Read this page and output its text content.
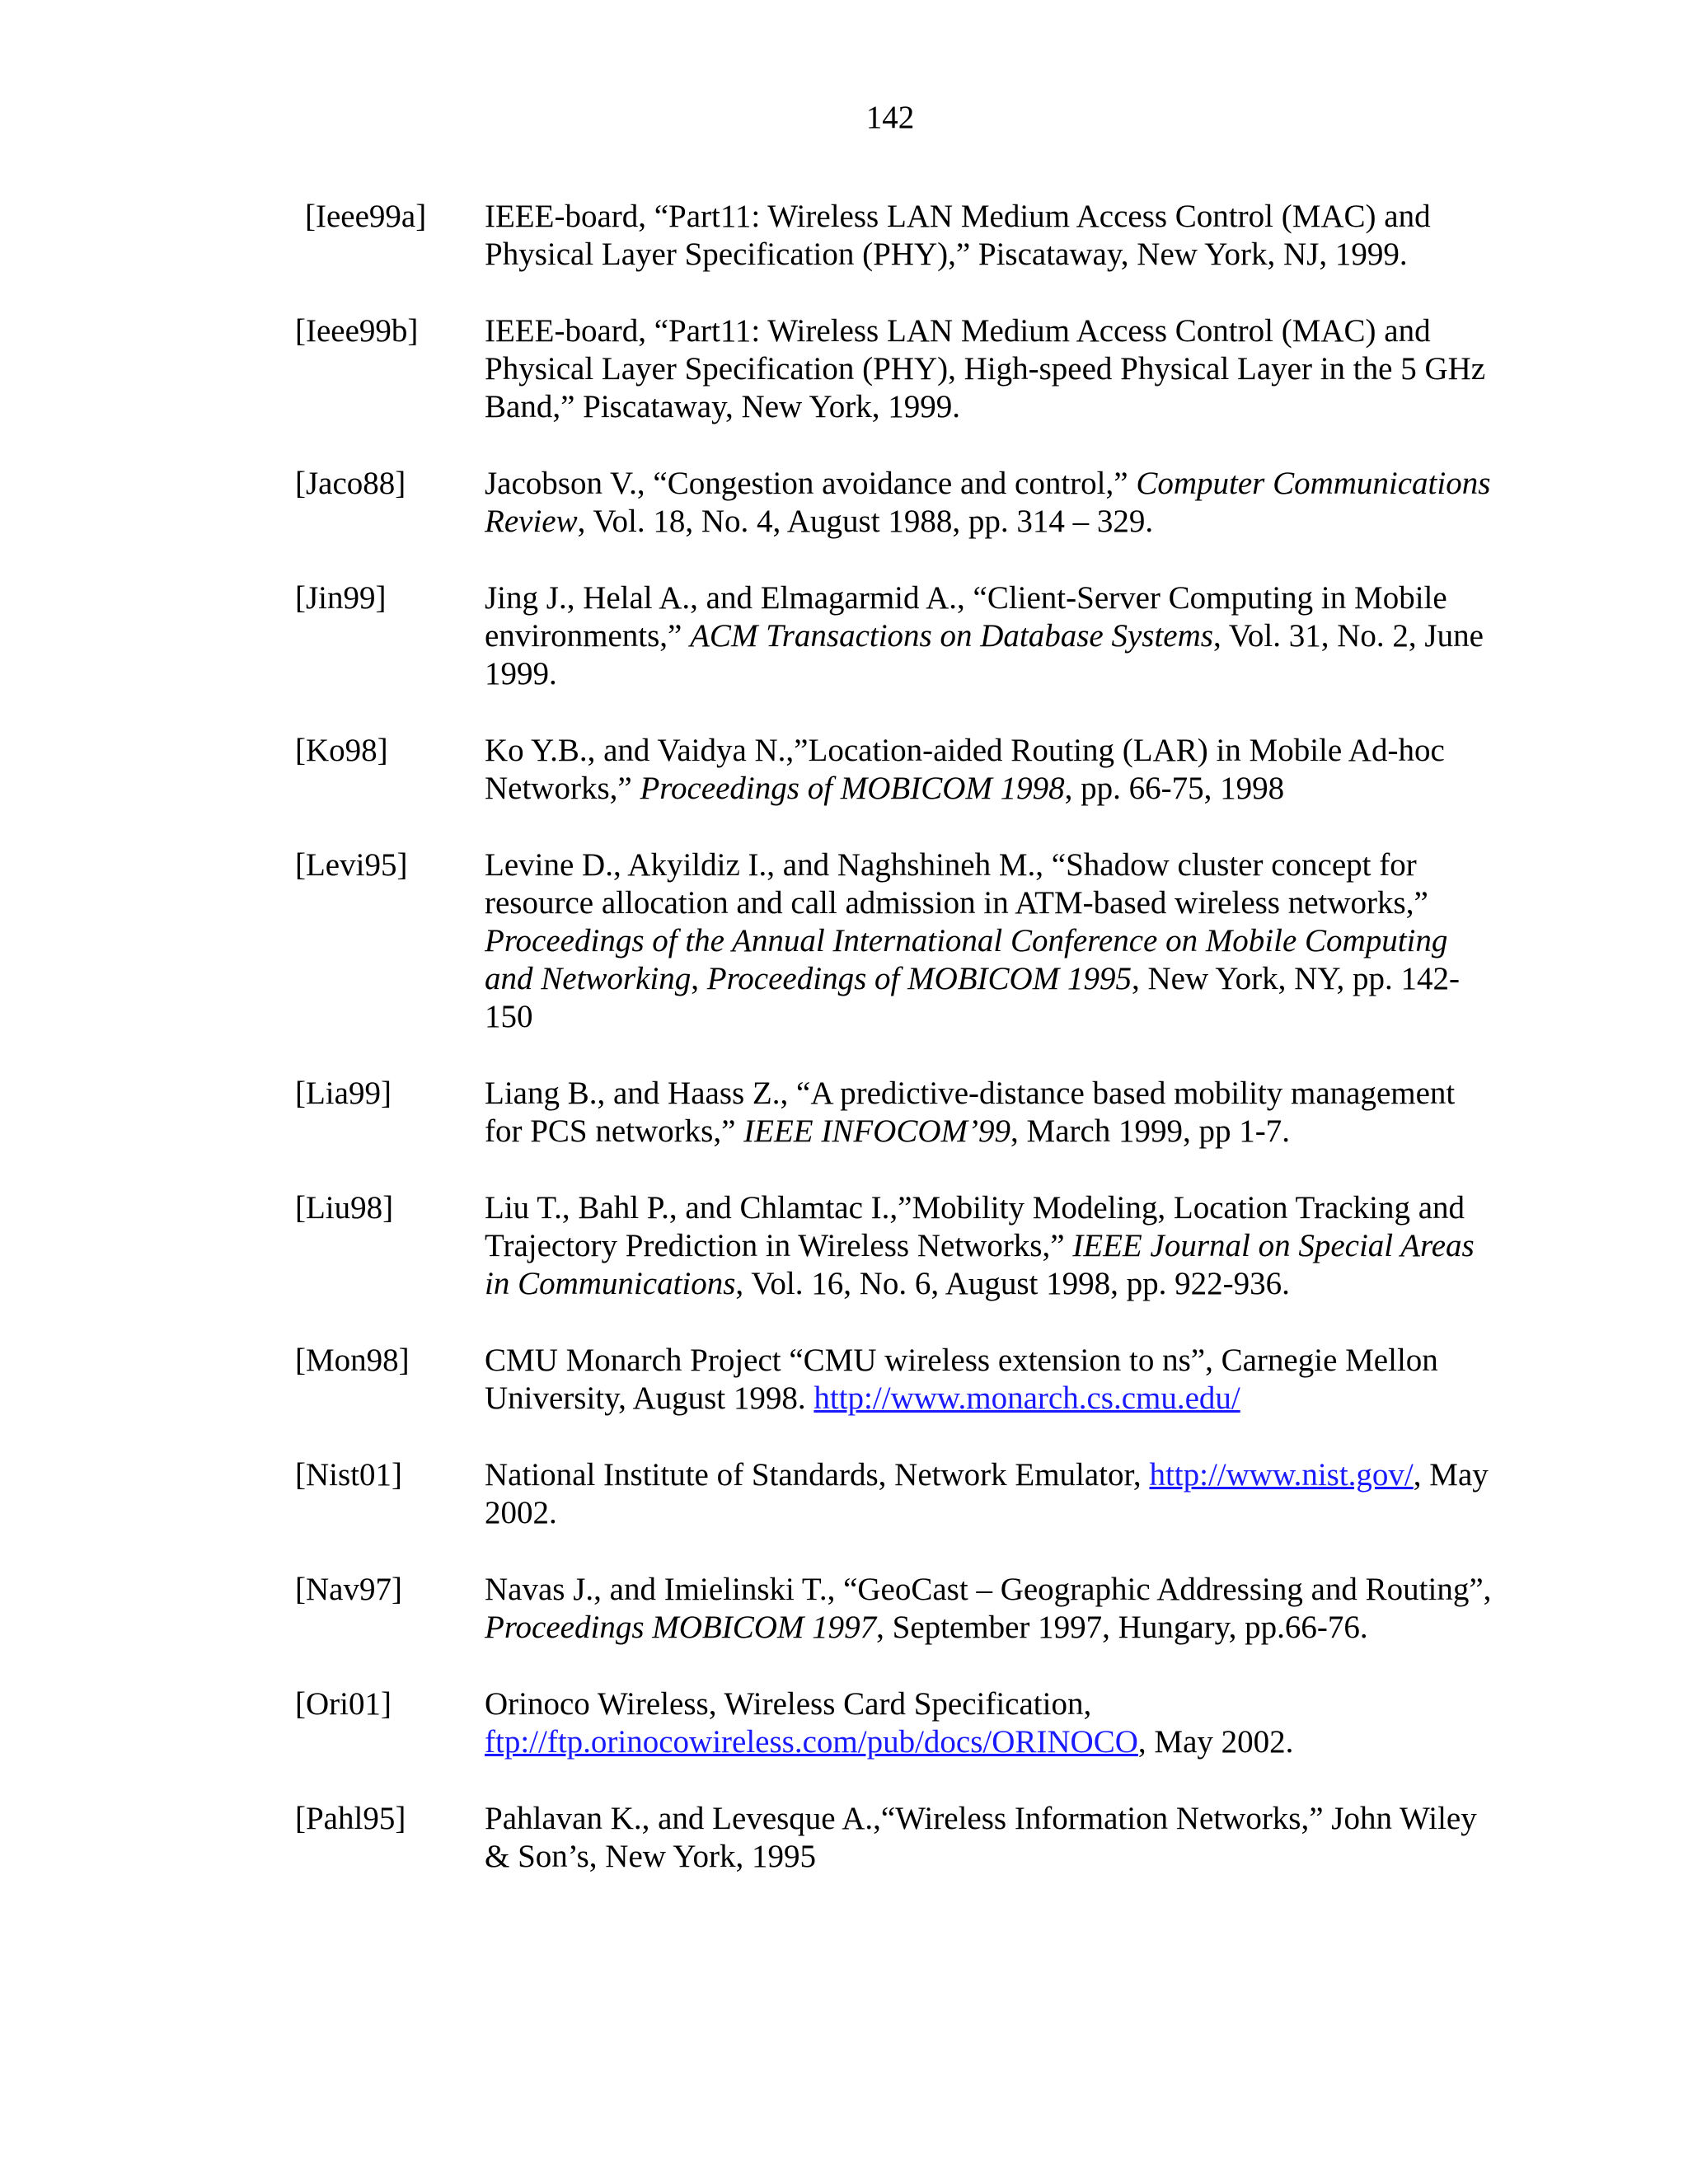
142
[Ieee99a]	IEEE-board, “Part11: Wireless LAN Medium Access Control (MAC) and Physical Layer Specification (PHY),” Piscataway, New York, NJ, 1999.
[Ieee99b]	IEEE-board, “Part11: Wireless LAN Medium Access Control (MAC) and Physical Layer Specification (PHY), High-speed Physical Layer in the 5 GHz Band,” Piscataway, New York, 1999.
[Jaco88]	Jacobson V., “Congestion avoidance and control,” Computer Communications Review, Vol. 18, No. 4, August 1988, pp. 314 – 329.
[Jin99]	Jing J., Helal A., and Elmagarmid A., “Client-Server Computing in Mobile environments,” ACM Transactions on Database Systems, Vol. 31, No. 2, June 1999.
[Ko98]	Ko Y.B., and Vaidya N.,”Location-aided Routing (LAR) in Mobile Ad-hoc Networks,” Proceedings of MOBICOM 1998, pp. 66-75, 1998
[Levi95]	Levine D., Akyildiz I., and Naghshineh M., “Shadow cluster concept for resource allocation and call admission in ATM-based wireless networks,” Proceedings of the Annual International Conference on Mobile Computing and Networking, Proceedings of MOBICOM 1995, New York, NY, pp. 142-150
[Lia99]	Liang B., and Haass Z., “A predictive-distance based mobility management for PCS networks,” IEEE INFOCOM’99, March 1999, pp 1-7.
[Liu98]	Liu T., Bahl P., and Chlamtac I.,”Mobility Modeling, Location Tracking and Trajectory Prediction in Wireless Networks,” IEEE Journal on Special Areas in Communications, Vol. 16, No. 6, August 1998, pp. 922-936.
[Mon98]	CMU Monarch Project “CMU wireless extension to ns”, Carnegie Mellon University, August 1998. http://www.monarch.cs.cmu.edu/
[Nist01]	National Institute of Standards, Network Emulator, http://www.nist.gov/, May 2002.
[Nav97]	Navas J., and Imielinski T., “GeoCast – Geographic Addressing and Routing”, Proceedings MOBICOM 1997, September 1997, Hungary, pp.66-76.
[Ori01]	Orinoco Wireless, Wireless Card Specification, ftp://ftp.orinocowireless.com/pub/docs/ORINOCO, May 2002.
[Pahl95]	Pahlavan K., and Levesque A.,“Wireless Information Networks,” John Wiley & Son’s, New York, 1995
